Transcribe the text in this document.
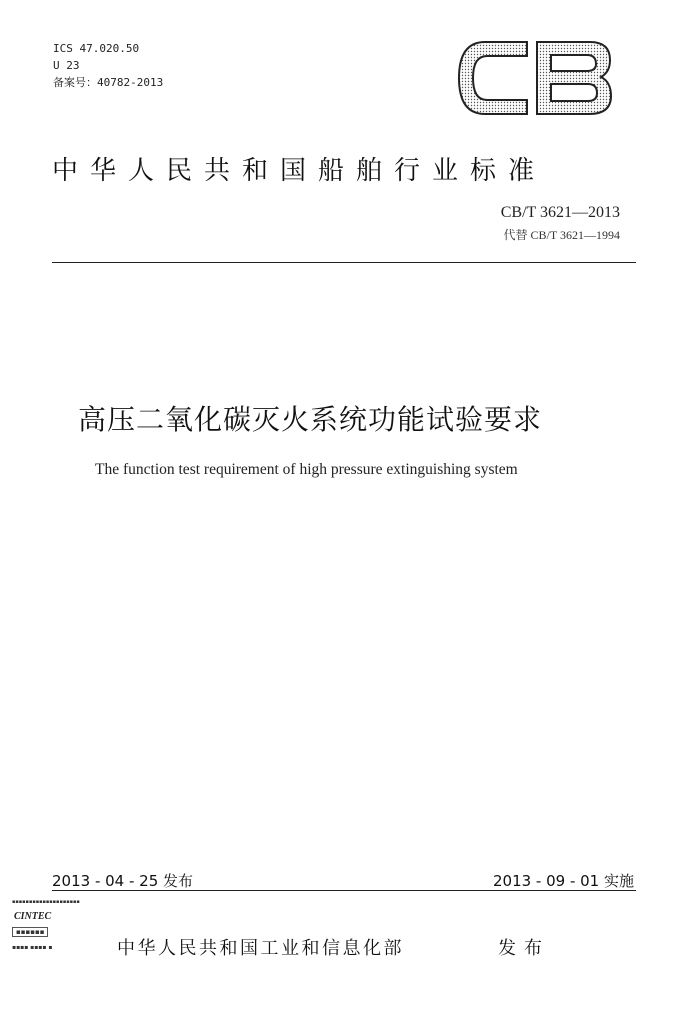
ICS 47.020.50
U 23
备案号：40782-2013
中华人民共和国船舶行业标准
CB/T 3621—2013
代替 CB/T 3621—1994
高压二氧化碳灭火系统功能试验要求
The function test requirement of high pressure extinguishing system
2013 - 04 - 25 发布	2013 - 09 - 01 实施
▪▪▪▪▪▪▪▪▪▪▪▪▪▪▪▪▪▪▪▪
CINTEC
▪▪▪▪▪▪
▪▪▪▪ ▪▪▪▪ ▪	中华人民共和国工业和信息化部	发布
